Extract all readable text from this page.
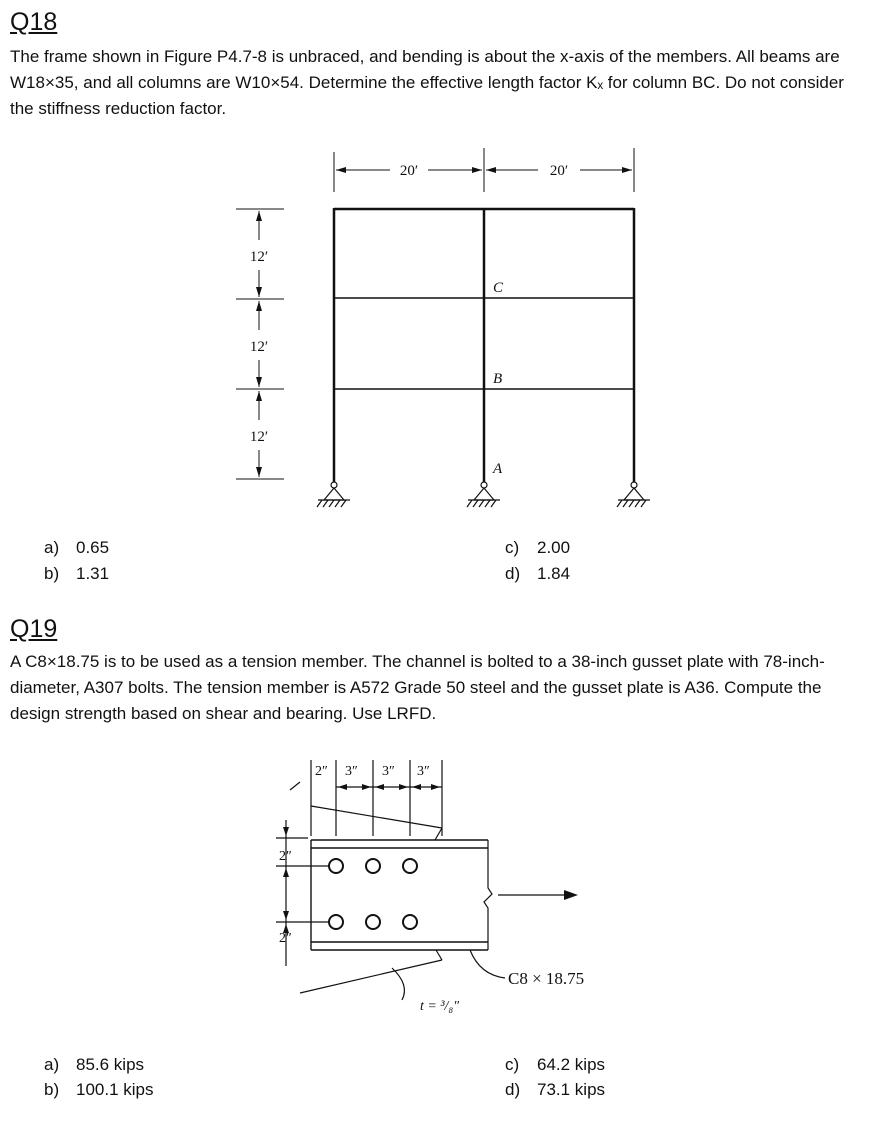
Q18
The frame shown in Figure P4.7-8 is unbraced, and bending is about the x-axis of the members. All beams are W18×35, and all columns are W10×54. Determine the effective length factor Kₓ for column BC. Do not consider the stiffness reduction factor.
20′	20′
12′
12′
12′
C
B
A
a) 0.65
b) 1.31
c) 2.00
d) 1.84
Q19
A C8×18.75 is to be used as a tension member. The channel is bolted to a 38-inch gusset plate with 78-inch-diameter, A307 bolts. The tension member is A572 Grade 50 steel and the gusset plate is A36. Compute the design strength based on shear and bearing. Use LRFD.
2″ 3″ 3″ 3″
2″
2″
C8 × 18.75
t = ³/₈″
a) 85.6 kips
b) 100.1 kips
c) 64.2 kips
d) 73.1 kips
